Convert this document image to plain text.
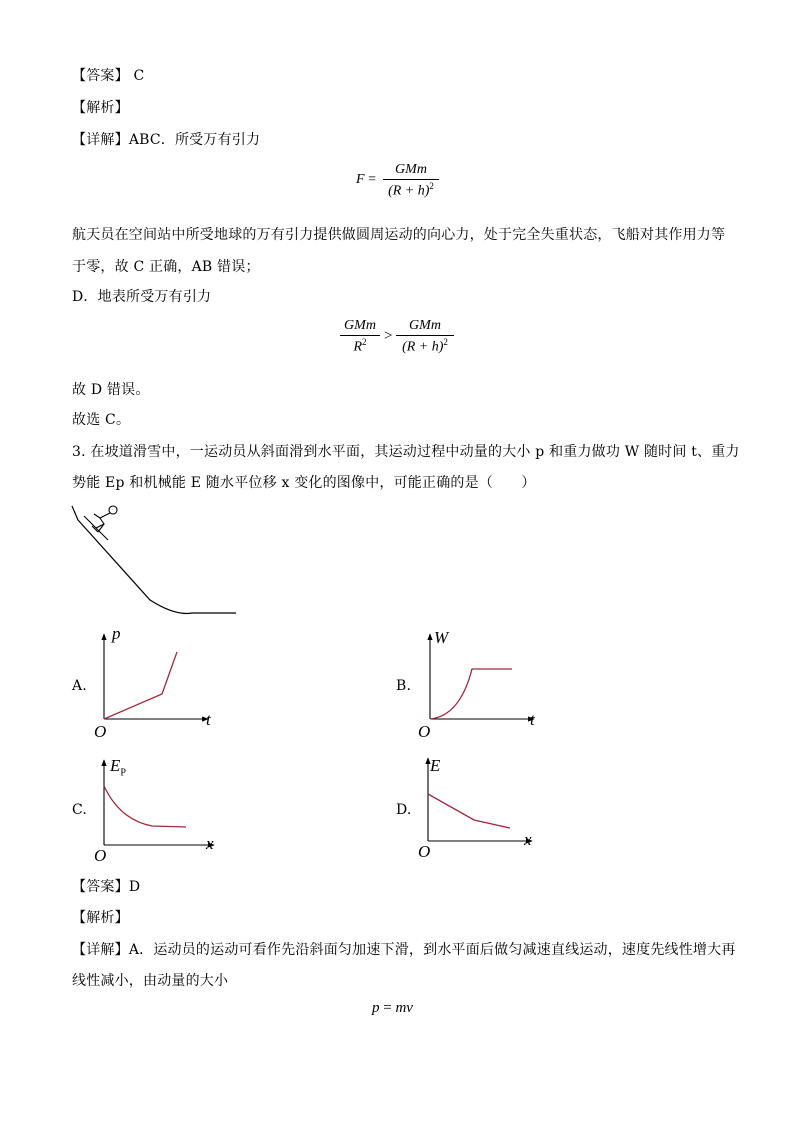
【答案】 C
【解析】
【详解】ABC．所受万有引力
F =
GMm
$(R + h)^2$
航天员在空间站中所受地球的万有引力提供做圆周运动的向心力，处于完全失重状态，飞船对其作用力等
于零，故 C 正确，AB 错误；
D．地表所受万有引力
GMm
$R^2$	>
GMm
$(R + h)^2$
故 D 错误。
故选 C。
3. 在坡道滑雪中，一运动员从斜面滑到水平面，其运动过程中动量的大小 p 和重力做功 W 随时间 t、重力
势能 Ep 和机械能 E 随水平位移 x 变化的图像中，可能正确的是（　　）
A.
p
t
O
B.
W
t
O
C.
$E_P$
x
O
D.
E
x
O
【答案】D
【解析】
【详解】A．运动员的运动可看作先沿斜面匀加速下滑，到水平面后做匀减速直线运动，速度先线性增大再
线性减小，由动量的大小
p = mv
